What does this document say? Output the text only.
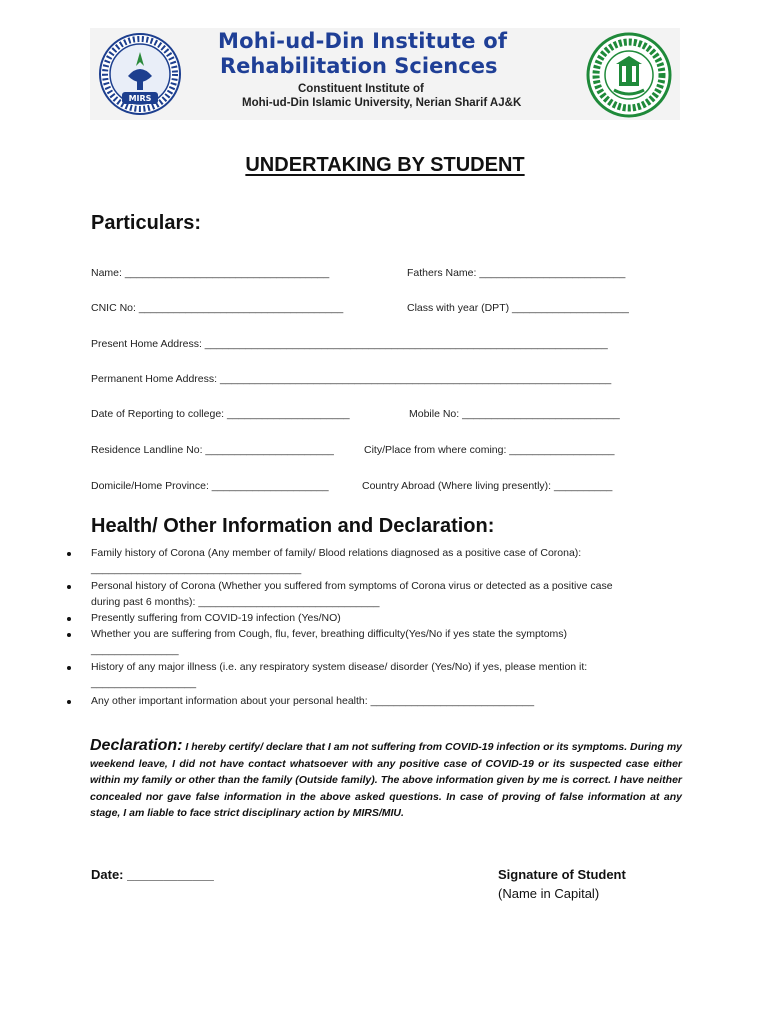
MIRS
Mohi-ud-Din Institute of
Rehabilitation Sciences
Constituent Institute of
Mohi-ud-Din Islamic University, Nerian Sharif AJ&K
UNDERTAKING BY STUDENT
Particulars:
Name: ___________________________________	Fathers Name: _________________________
CNIC No: ___________________________________	Class with year (DPT) ____________________
Present Home Address: _____________________________________________________________________
Permanent Home Address: ___________________________________________________________________
Date of Reporting to college: _____________________	Mobile No: ___________________________
Residence Landline No: ______________________	City/Place from where coming: __________________
Domicile/Home Province: ____________________	Country Abroad (Where living presently): __________
Health/ Other Information and Declaration:
Family history of Corona (Any member of family/ Blood relations diagnosed as a positive case of Corona):
____________________________________
Personal history of Corona (Whether you suffered from symptoms of Corona virus or detected as a positive case
during past 6 months): _______________________________
Presently suffering from COVID-19 infection (Yes/NO)
Whether you are suffering from Cough, flu, fever, breathing difficulty(Yes/No if yes state the symptoms)
_______________
History of any major illness (i.e. any respiratory system disease/ disorder (Yes/No) if yes, please mention it:
__________________
Any other important information about your personal health: ____________________________
Declaration: I hereby certify/ declare that I am not suffering from COVID-19 infection or its symptoms. During my weekend leave, I did not have contact whatsoever with any positive case of COVID-19 or its suspected case either within my family or other than the family (Outside family). The above information given by me is correct. I have neither concealed nor gave false information in the above asked questions. In case of proving of false information at any stage, I am liable to face strict disciplinary action by MIRS/MIU.
Date: ____________	Signature of Student
(Name in Capital)
